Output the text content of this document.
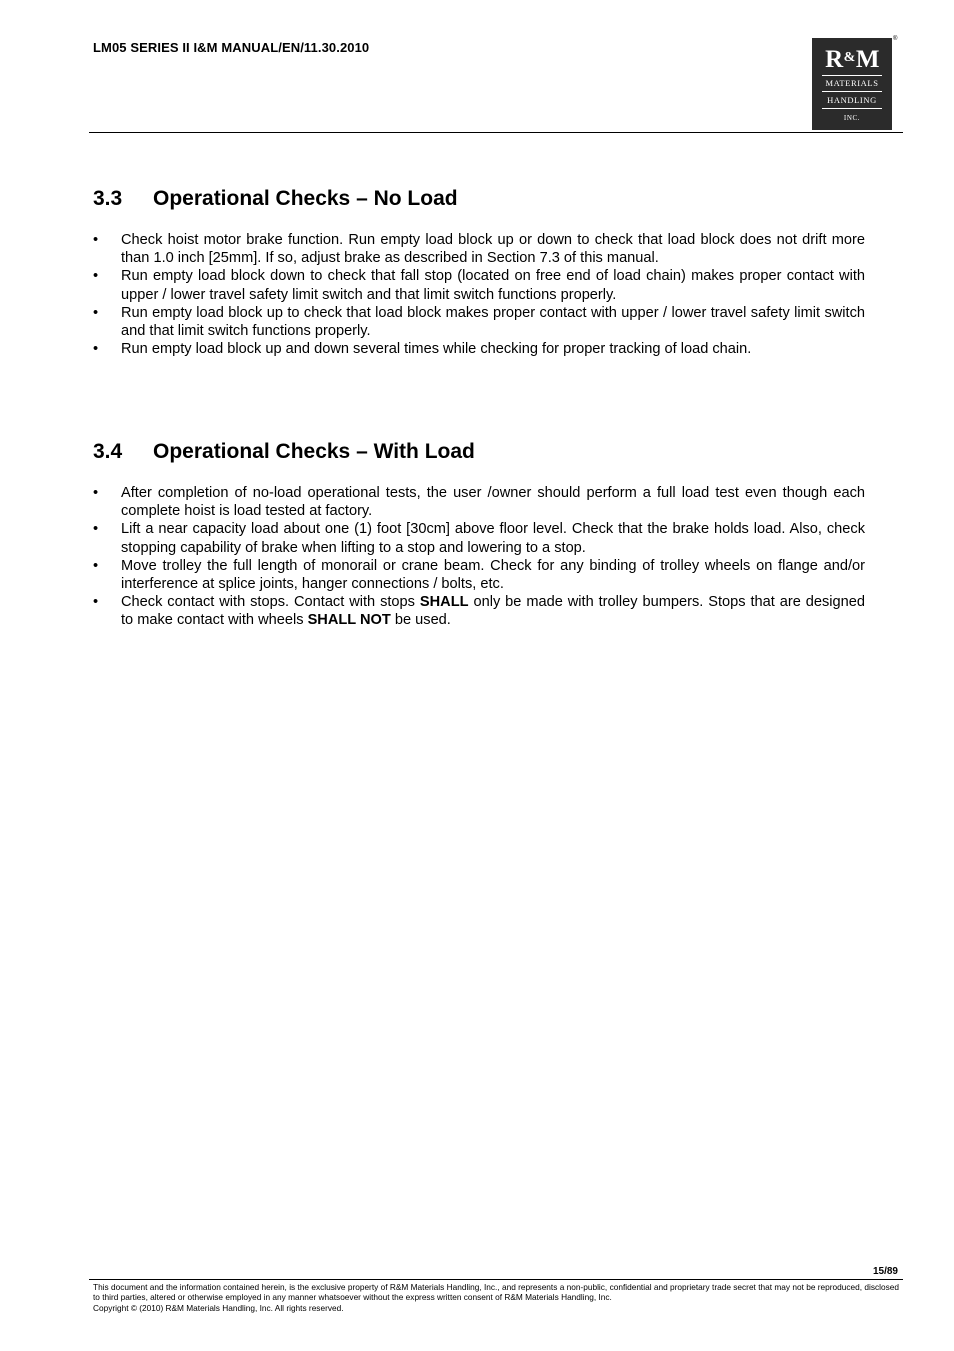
LM05 SERIES II I&M MANUAL/EN/11.30.2010	R&M
MATERIALS
HANDLING
INC.
®
3.3 Operational Checks – No Load
• Check hoist motor brake function. Run empty load block up or down to check that load block does not drift more than 1.0 inch [25mm]. If so, adjust brake as described in Section 7.3 of this manual.
• Run empty load block down to check that fall stop (located on free end of load chain) makes proper contact with upper / lower travel safety limit switch and that limit switch functions properly.
• Run empty load block up to check that load block makes proper contact with upper / lower travel safety limit switch and that limit switch functions properly.
• Run empty load block up and down several times while checking for proper tracking of load chain.
3.4 Operational Checks – With Load
• After completion of no-load operational tests, the user /owner should perform a full load test even though each complete hoist is load tested at factory.
• Lift a near capacity load about one (1) foot [30cm] above floor level. Check that the brake holds load. Also, check stopping capability of brake when lifting to a stop and lowering to a stop.
• Move trolley the full length of monorail or crane beam. Check for any binding of trolley wheels on flange and/or interference at splice joints, hanger connections / bolts, etc.
• Check contact with stops. Contact with stops SHALL only be made with trolley bumpers. Stops that are designed to make contact with wheels SHALL NOT be used.
15/89
This document and the information contained herein, is the exclusive property of R&M Materials Handling, Inc., and represents a non-public, confidential and proprietary trade secret that may not be reproduced, disclosed to third parties, altered or otherwise employed in any manner whatsoever without the express written consent of R&M Materials Handling, Inc.
Copyright © (2010) R&M Materials Handling, Inc. All rights reserved.
